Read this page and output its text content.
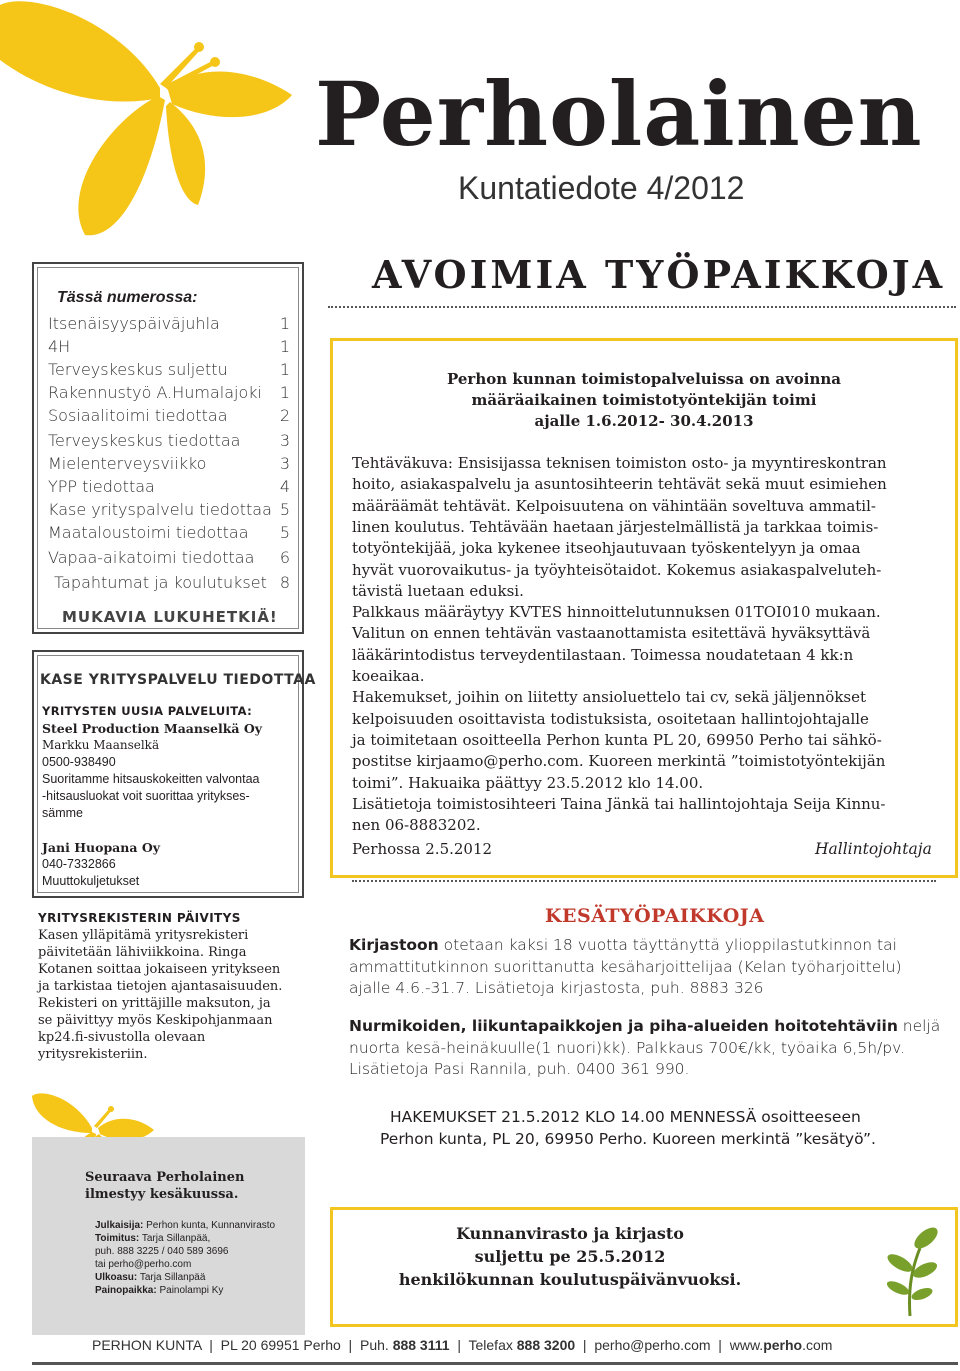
Perholainen
Kuntatiedote 4/2012
Tässä numerossa:
Itsenäisyyspäiväjuhla	1
4H	1
Terveyskeskus suljettu	1
Rakennustyö A.Humalajoki 1
Sosiaalitoimi tiedottaa	2
Terveyskeskus tiedottaa 3
Mielenterveysviikko	3
YPP tiedottaa	4
Kase yrityspalvelu tiedottaa 5
Maataloustoimi tiedottaa 5
Vapaa-aikatoimi tiedottaa 6
Tapahtumat ja koulutukset 8
MUKAVIA LUKUHETKIÄ!
KASE YRITYSPALVELU TIEDOTTAA
YRITYSTEN UUSIA PALVELUITA:
Steel Production Maanselkä Oy
Markku Maanselkä
0500-938490
Suoritamme hitsauskokeitten valvontaa
-hitsausluokat voit suorittaa yritykses-
sämme
Jani Huopana Oy
040-7332866
Muuttokuljetukset
YRITYSREKISTERIN PÄIVITYS
Kasen ylläpitämä yritysrekisteri
päivitetään lähiviikkoina. Ringa
Kotanen soittaa jokaiseen yritykseen
ja tarkistaa tietojen ajantasaisuuden.
Rekisteri on yrittäjille maksuton, ja
se päivittyy myös Keskipohjanmaan
kp24.fi-sivustolla olevaan
yritysrekisteriin.
AVOIMIA TYÖPAIKKOJA
Perhon kunnan toimistopalveluissa on avoinna
määräaikainen toimistotyöntekijän toimi
ajalle 1.6.2012- 30.4.2013
Tehtäväkuva: Ensisijassa teknisen toimiston osto- ja myyntireskontran
hoito, asiakaspalvelu ja asuntosihteerin tehtävät sekä muut esimiehen
määräämät tehtävät. Kelpoisuutena on vähintään soveltuva ammatil-
linen koulutus. Tehtävään haetaan järjestelmällistä ja tarkkaa toimis-
totyöntekijää, joka kykenee itseohjautuvaan työskentelyyn ja omaa
hyvät vuorovaikutus- ja työyhteisötaidot. Kokemus asiakaspalveluteh-
tävistä luetaan eduksi.
Palkkaus määräytyy KVTES hinnoittelutunnuksen 01TOI010 mukaan.
Valitun on ennen tehtävän vastaanottamista esitettävä hyväksyttävä
lääkärintodistus terveydentilastaan. Toimessa noudatetaan 4 kk:n
koeaikaa.
Hakemukset, joihin on liitetty ansioluettelo tai cv, sekä jäljennökset
kelpoisuuden osoittavista todistuksista, osoitetaan hallintojohtajalle
ja toimitetaan osoitteella Perhon kunta PL 20, 69950 Perho tai sähkö-
postitse kirjaamo@perho.com. Kuoreen merkintä ”toimistotyöntekijän
toimi”. Hakuaika päättyy 23.5.2012 klo 14.00.
Lisätietoja toimistosihteeri Taina Jänkä tai hallintojohtaja Seija Kinnu-
nen 06-8883202.
Perhossa 2.5.2012	Hallintojohtaja
KESÄTYÖPAIKKOJA
Kirjastoon otetaan kaksi 18 vuotta täyttänyttä ylioppilastutkinnon tai
ammattitutkinnon suorittanutta kesäharjoittelijaa (Kelan työharjoittelu)
ajalle 4.6.-31.7. Lisätietoja kirjastosta, puh. 8883 326
Nurmikoiden, liikuntapaikkojen ja piha-alueiden hoitotehtäviin neljä
nuorta kesä-heinäkuulle(1 nuori)kk). Palkkaus 700€/kk, työaika 6,5h/pv.
Lisätietoja Pasi Rannila, puh. 0400 361 990.
HAKEMUKSET 21.5.2012 KLO 14.00 MENNESSÄ osoitteeseen
Perhon kunta, PL 20, 69950 Perho. Kuoreen merkintä ”kesätyö”.
Seuraava Perholainen
ilmestyy kesäkuussa.
Julkaisija: Perhon kunta, Kunnanvirasto
Toimitus: Tarja Sillanpää,
puh. 888 3225 / 040 589 3696
tai perho@perho.com
Ulkoasu: Tarja Sillanpää
Painopaikka: Painolampi Ky
Kunnanvirasto ja kirjasto
suljettu pe 25.5.2012
henkilökunnan koulutuspäivänvuoksi.
PERHON KUNTA  |  PL 20 69951 Perho  |  Puh. 888 3111  |  Telefax 888 3200  |  perho@perho.com  |  www.perho.com
